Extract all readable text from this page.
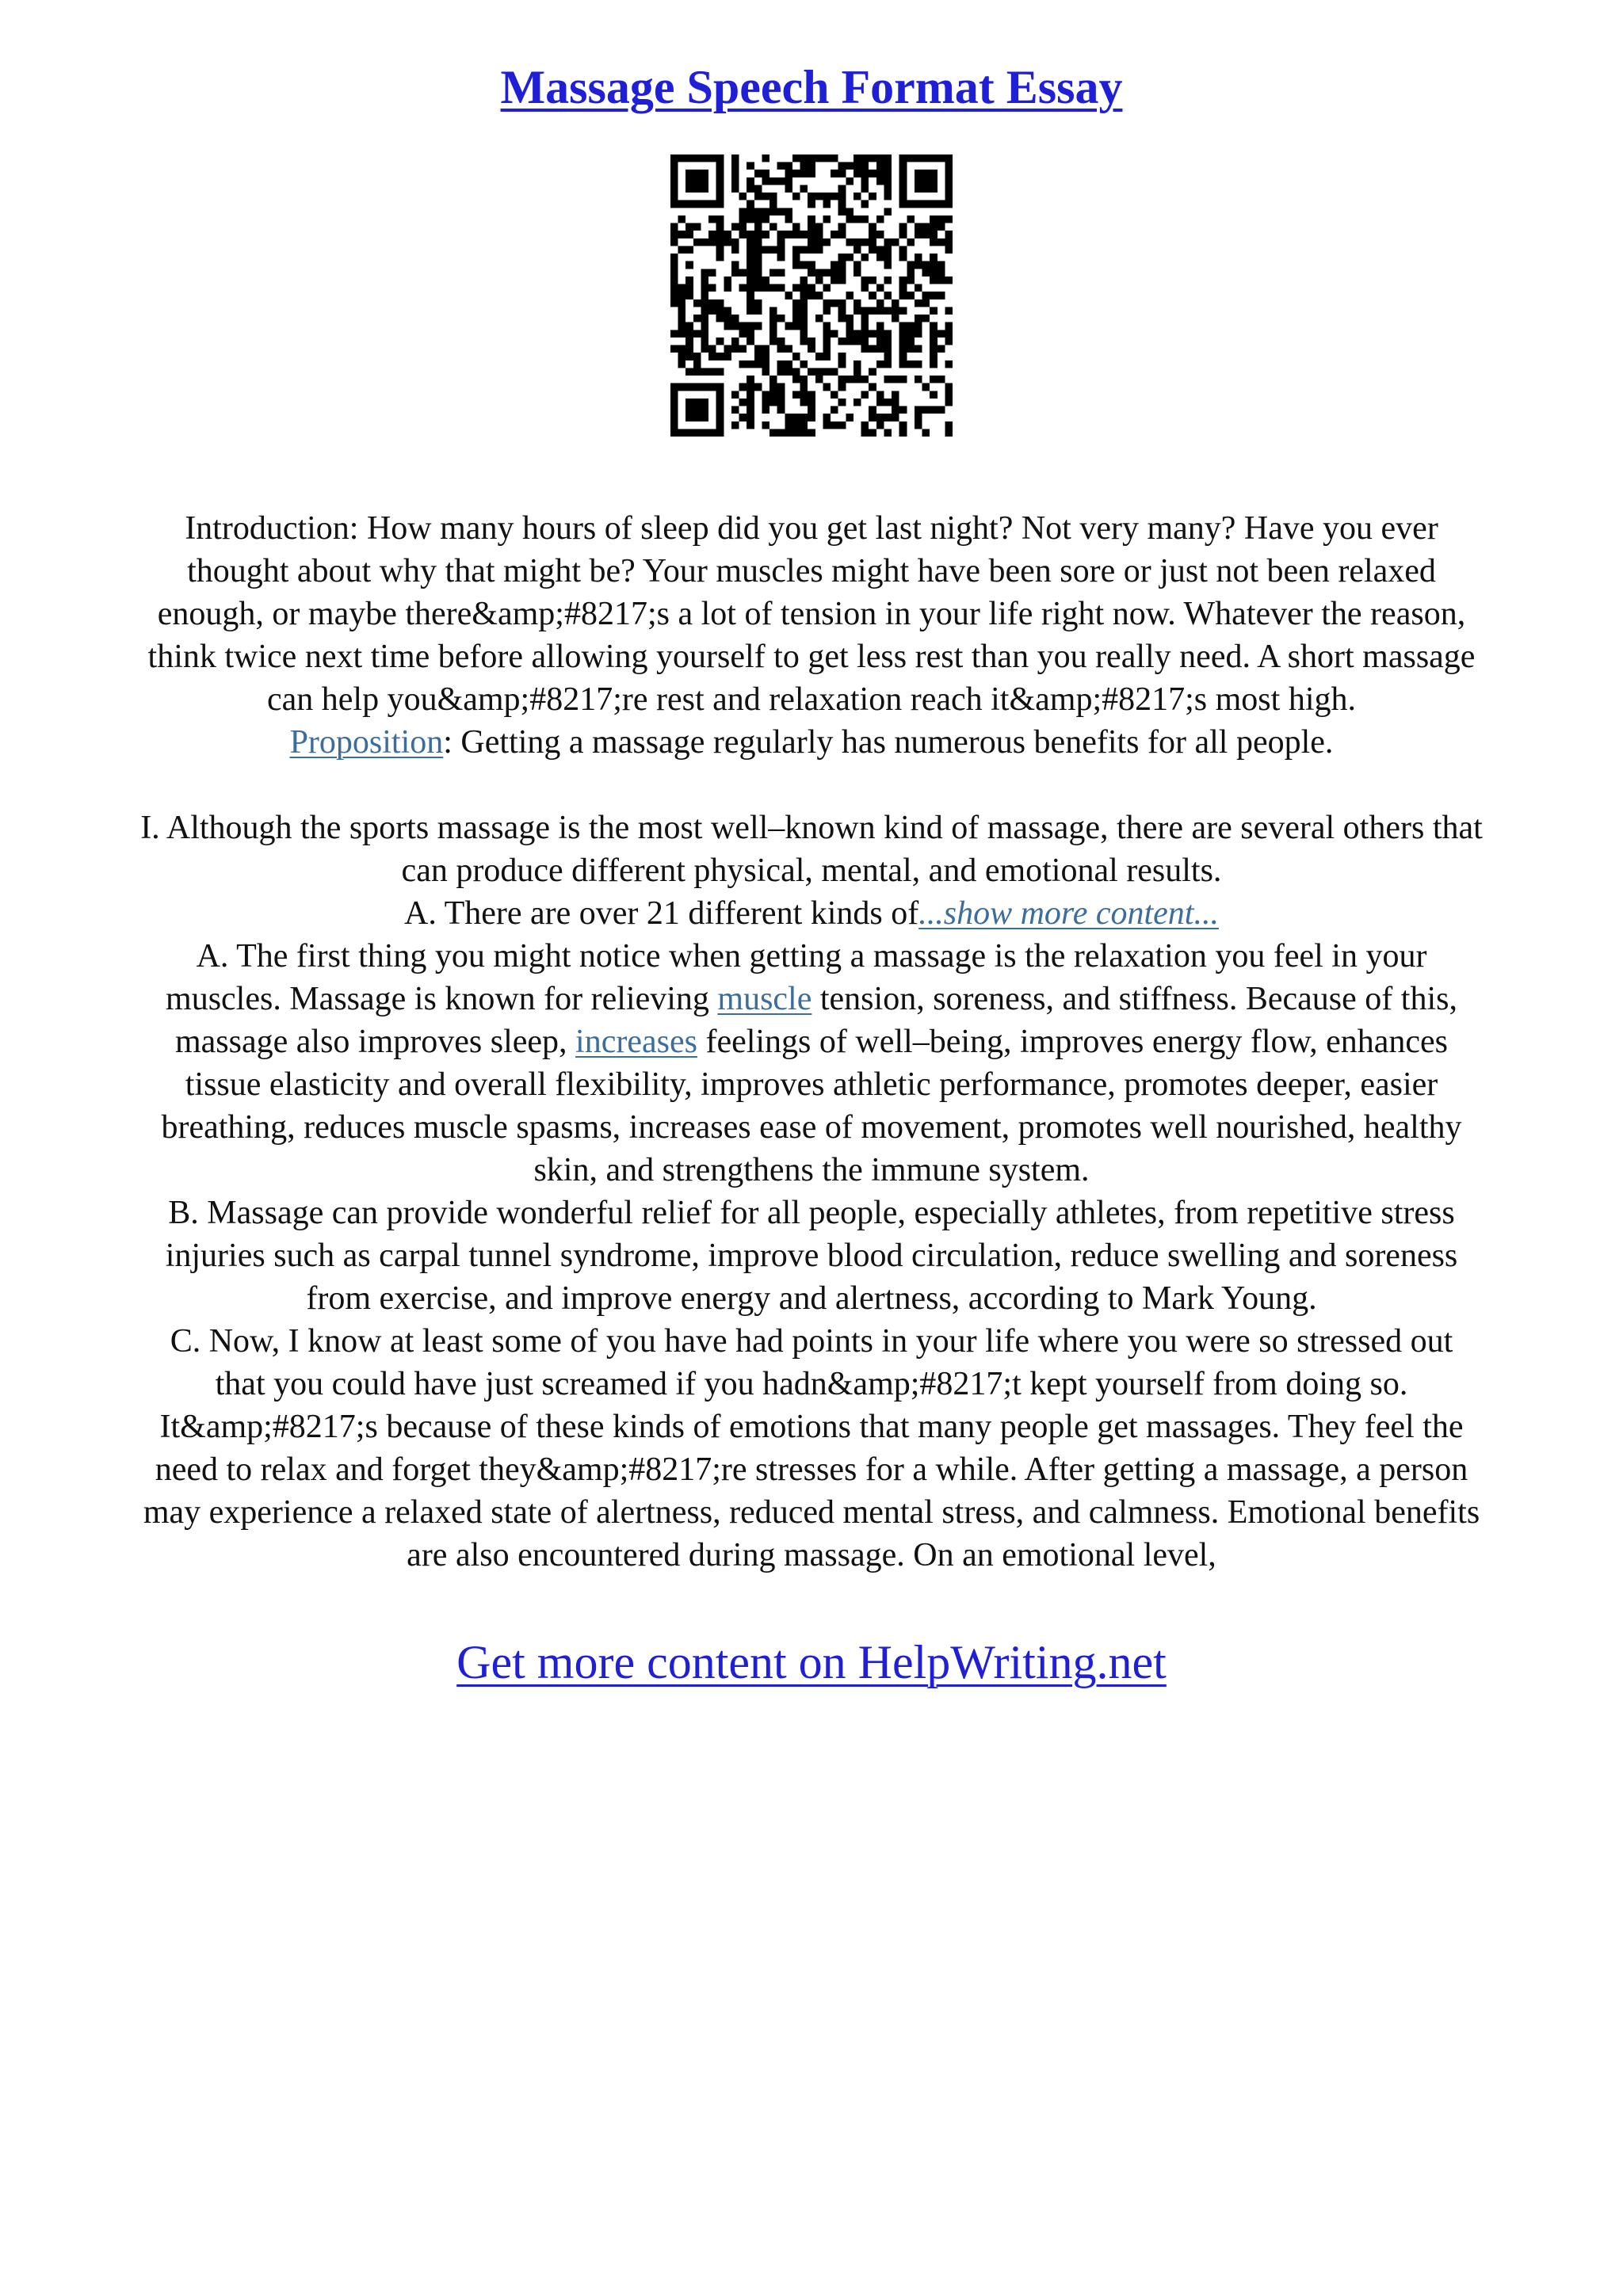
Massage Speech Format Essay
Introduction: How many hours of sleep did you get last night? Not very many? Have you ever
thought about why that might be? Your muscles might have been sore or just not been relaxed
enough, or maybe there&amp;#8217;s a lot of tension in your life right now. Whatever the reason,
think twice next time before allowing yourself to get less rest than you really need. A short massage
can help you&amp;#8217;re rest and relaxation reach it&amp;#8217;s most high.
Proposition: Getting a massage regularly has numerous benefits for all people.
I. Although the sports massage is the most well–known kind of massage, there are several others that
can produce different physical, mental, and emotional results.
A. There are over 21 different kinds of...show more content...
A. The first thing you might notice when getting a massage is the relaxation you feel in your
muscles. Massage is known for relieving muscle tension, soreness, and stiffness. Because of this,
massage also improves sleep, increases feelings of well–being, improves energy flow, enhances
tissue elasticity and overall flexibility, improves athletic performance, promotes deeper, easier
breathing, reduces muscle spasms, increases ease of movement, promotes well nourished, healthy
skin, and strengthens the immune system.
B. Massage can provide wonderful relief for all people, especially athletes, from repetitive stress
injuries such as carpal tunnel syndrome, improve blood circulation, reduce swelling and soreness
from exercise, and improve energy and alertness, according to Mark Young.
C. Now, I know at least some of you have had points in your life where you were so stressed out
that you could have just screamed if you hadn&amp;#8217;t kept yourself from doing so.
It&amp;#8217;s because of these kinds of emotions that many people get massages. They feel the
need to relax and forget they&amp;#8217;re stresses for a while. After getting a massage, a person
may experience a relaxed state of alertness, reduced mental stress, and calmness. Emotional benefits
are also encountered during massage. On an emotional level,
Get more content on HelpWriting.net
